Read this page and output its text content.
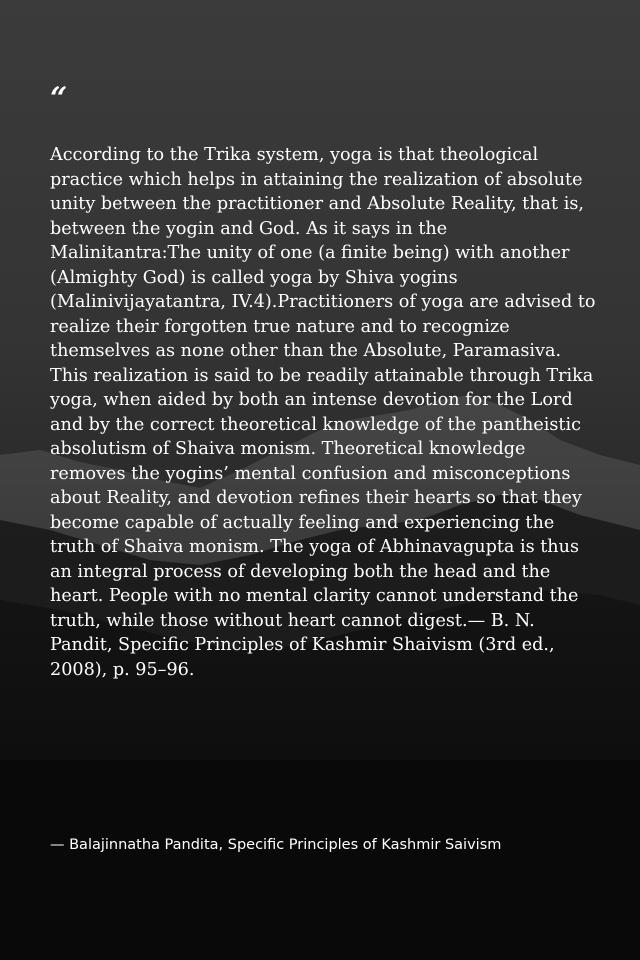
“

According to the Trika system, yoga is that theological practice which helps in attaining the realization of absolute unity between the practitioner and Absolute Reality, that is, between the yogin and God. As it says in the Malinitantra:The unity of one (a finite being) with another (Almighty God) is called yoga by Shiva yogins (Malinivijayatantra, IV.4).Practitioners of yoga are advised to realize their forgotten true nature and to recognize themselves as none other than the Absolute, Paramasiva. This realization is said to be readily attainable through Trika yoga, when aided by both an intense devotion for the Lord and by the correct theoretical knowledge of the pantheistic absolutism of Shaiva monism. Theoretical knowledge removes the yogins’ mental confusion and misconceptions about Reality, and devotion refines their hearts so that they become capable of actually feeling and experiencing the truth of Shaiva monism. The yoga of Abhinavagupta is thus an integral process of developing both the head and the heart. People with no mental clarity cannot understand the truth, while those without heart cannot digest.— B. N. Pandit, Specific Principles of Kashmir Shaivism (3rd ed., 2008), p. 95–96.

— Balajinnatha Pandita, Specific Principles of Kashmir Saivism
